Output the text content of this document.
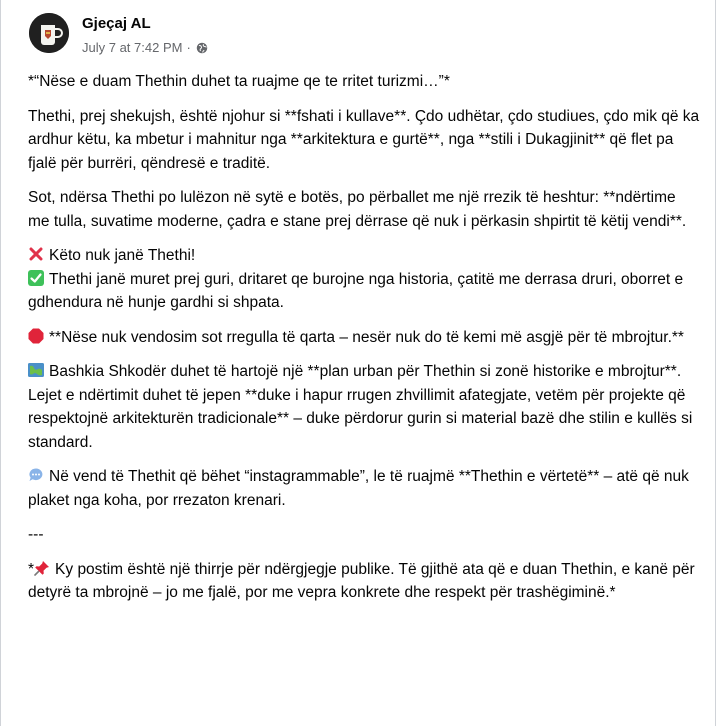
Gjeçaj AL
July 7 at 7:42 PM ·

*“Nëse e duam Thethin duhet ta ruajme qe te rritet turizmi…”*

Thethi, prej shekujsh, është njohur si **fshati i kullave**. Çdo udhëtar, çdo studiues, çdo mik që ka ardhur këtu, ka mbetur i mahnitur nga **arkitektura e gurtë**, nga **stili i Dukagjinit** që flet pa fjalë për burrëri, qëndresë e traditë.

Sot, ndërsa Thethi po lulëzon në sytë e botës, po përballet me një rrezik të heshtur: **ndërtime me tulla, suvatime moderne, çadra e stane prej dërrase që nuk i përkasin shpirtit të këtij vendi**.

Këto nuk janë Thethi!
Thethi janë muret prej guri, dritaret qe burojne nga historia, çatitë me derrasa druri, oborret e gdhendura në hunje gardhi si shpata.

**Nëse nuk vendosim sot rregulla të qarta – nesër nuk do të kemi më asgjë për të mbrojtur.**

Bashkia Shkodër duhet të hartojë një **plan urban për Thethin si zonë historike e mbrojtur**. Lejet e ndërtimit duhet të jepen **duke i hapur rrugen zhvillimit afategjate, vetëm për projekte që respektojnë arkitekturën tradicionale** – duke përdorur gurin si material bazë dhe stilin e kullës si standard.

Në vend të Thethit që bëhet “instagrammable”, le të ruajmë **Thethin e vërtetë** – atë që nuk plaket nga koha, por rrezaton krenari.

---

* Ky postim është një thirrje për ndërgjegje publike. Të gjithë ata që e duan Thethin, e kanë për detyrë ta mbrojnë – jo me fjalë, por me vepra konkrete dhe respekt për trashëgiminë.*
